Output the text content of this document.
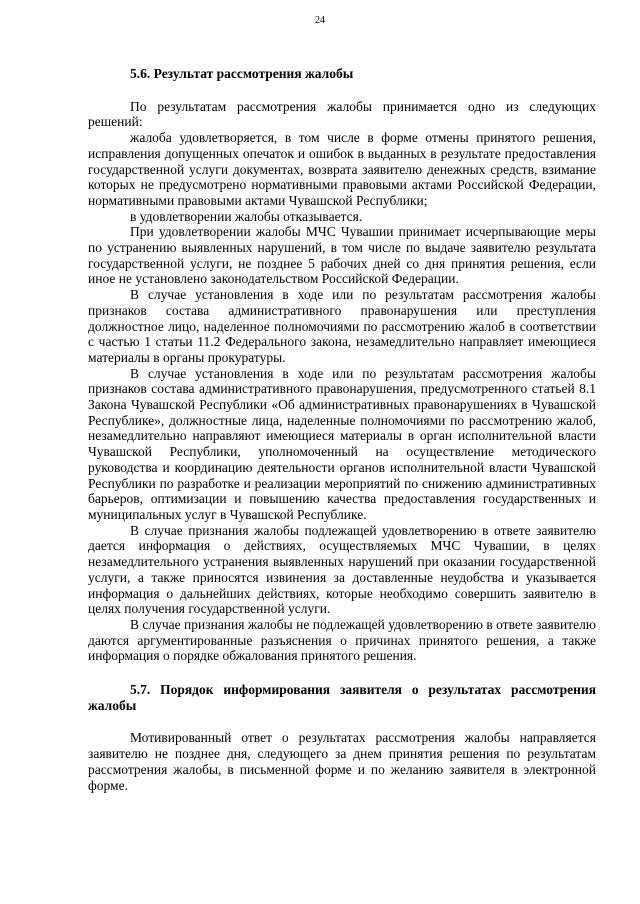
24

5.6. Результат рассмотрения жалобы

По результатам рассмотрения жалобы принимается одно из следующих решений:

жалоба удовлетворяется, в том числе в форме отмены принятого решения, исправления допущенных опечаток и ошибок в выданных в результате предоставления государственной услуги документах, возврата заявителю денежных средств, взимание которых не предусмотрено нормативными правовыми актами Российской Федерации, нормативными правовыми актами Чувашской Республики;

в удовлетворении жалобы отказывается.

При удовлетворении жалобы МЧС Чувашии принимает исчерпывающие меры по устранению выявленных нарушений, в том числе по выдаче заявителю результата государственной услуги, не позднее 5 рабочих дней со дня принятия решения, если иное не установлено законодательством Российской Федерации.

В случае установления в ходе или по результатам рассмотрения жалобы признаков состава административного правонарушения или преступления должностное лицо, наделенное полномочиями по рассмотрению жалоб в соответствии с частью 1 статьи 11.2 Федерального закона, незамедлительно направляет имеющиеся материалы в органы прокуратуры.

В случае установления в ходе или по результатам рассмотрения жалобы признаков состава административного правонарушения, предусмотренного статьей 8.1 Закона Чувашской Республики «Об административных правонарушениях в Чувашской Республике», должностные лица, наделенные полномочиями по рассмотрению жалоб, незамедлительно направляют имеющиеся материалы в орган исполнительной власти Чувашской Республики, уполномоченный на осуществление методического руководства и координацию деятельности органов исполнительной власти Чувашской Республики по разработке и реализации мероприятий по снижению административных барьеров, оптимизации и повышению качества предоставления государственных и муниципальных услуг в Чувашской Республике.

В случае признания жалобы подлежащей удовлетворению в ответе заявителю дается информация о действиях, осуществляемых МЧС Чувашии, в целях незамедлительного устранения выявленных нарушений при оказании государственной услуги, а также приносятся извинения за доставленные неудобства и указывается информация о дальнейших действиях, которые необходимо совершить заявителю в целях получения государственной услуги.

В случае признания жалобы не подлежащей удовлетворению в ответе заявителю даются аргументированные разъяснения о причинах принятого решения, а также информация о порядке обжалования принятого решения.

5.7. Порядок информирования заявителя о результатах рассмотрения жалобы

Мотивированный ответ о результатах рассмотрения жалобы направляется заявителю не позднее дня, следующего за днем принятия решения по результатам рассмотрения жалобы, в письменной форме и по желанию заявителя в электронной форме.
